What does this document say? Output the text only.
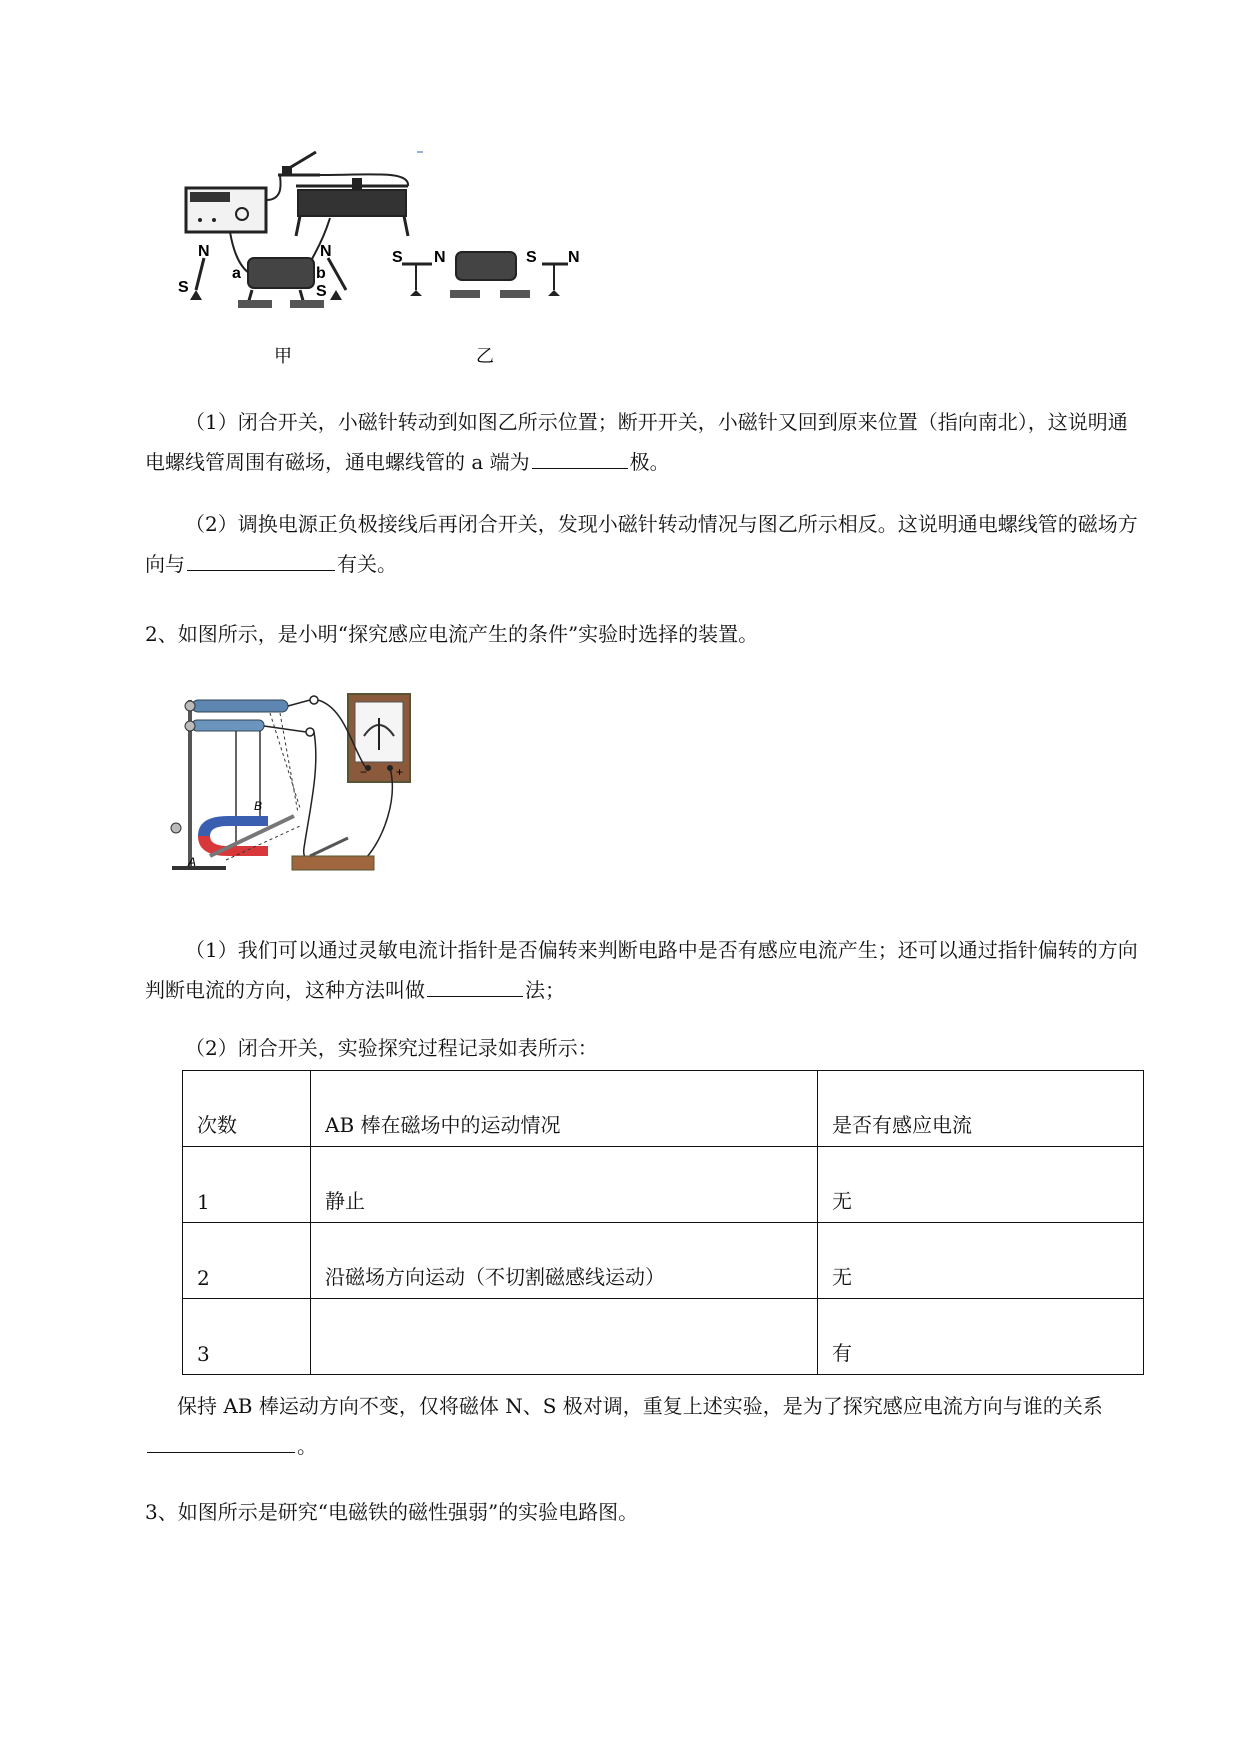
N
S
a	b
N
S
S N	S N
甲	乙
（1）闭合开关，小磁针转动到如图乙所示位置；断开开关，小磁针又回到原来位置（指向南北），这说明通电螺线管周围有磁场，通电螺线管的 a 端为	极。
（2）调换电源正负极接线后再闭合开关，发现小磁针转动情况与图乙所示相反。这说明通电螺线管的磁场方向与	有关。
2、如图所示，是小明“探究感应电流产生的条件”实验时选择的装置。
A
B
− +
（1）我们可以通过灵敏电流计指针是否偏转来判断电路中是否有感应电流产生；还可以通过指针偏转的方向判断电流的方向，这种方法叫做	法；
（2）闭合开关，实验探究过程记录如表所示：
次数	AB 棒在磁场中的运动情况	是否有感应电流
1	静止	无
2	沿磁场方向运动（不切割磁感线运动）	无
3		有
保持 AB 棒运动方向不变，仅将磁体 N、S 极对调，重复上述实验，是为了探究感应电流方向与谁的关系。
3、如图所示是研究“电磁铁的磁性强弱”的实验电路图。
